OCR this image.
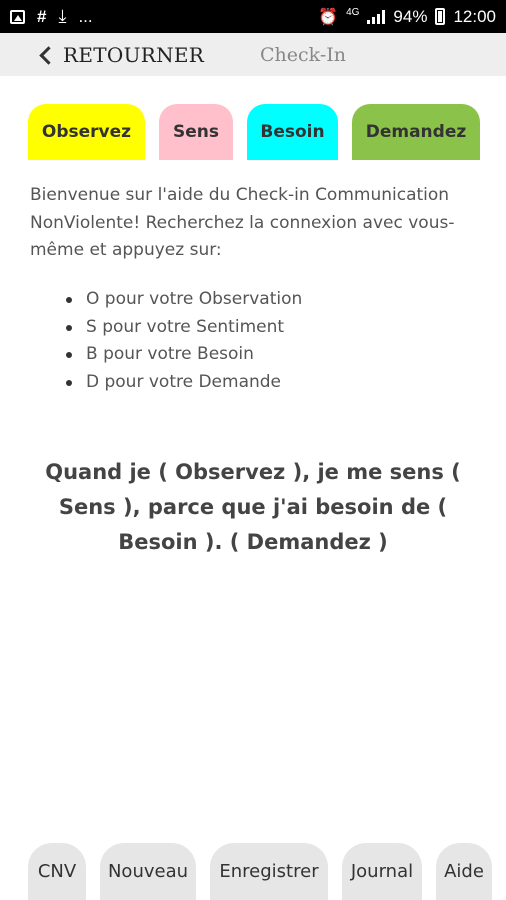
# ⤓ ...	⏰ 4G 94% 12:00
RETOURNER	Check-In
Observez	Sens	Besoin	Demandez

Bienvenue sur l'aide du Check-in Communication NonViolente! Recherchez la connexion avec vous-même et appuyez sur:

O pour votre Observation
S pour votre Sentiment
B pour votre Besoin
D pour votre Demande

Quand je ( Observez ), je me sens ( Sens ), parce que j'ai besoin de ( Besoin ). ( Demandez )

CNV	Nouveau	Enregistrer	Journal	Aide
